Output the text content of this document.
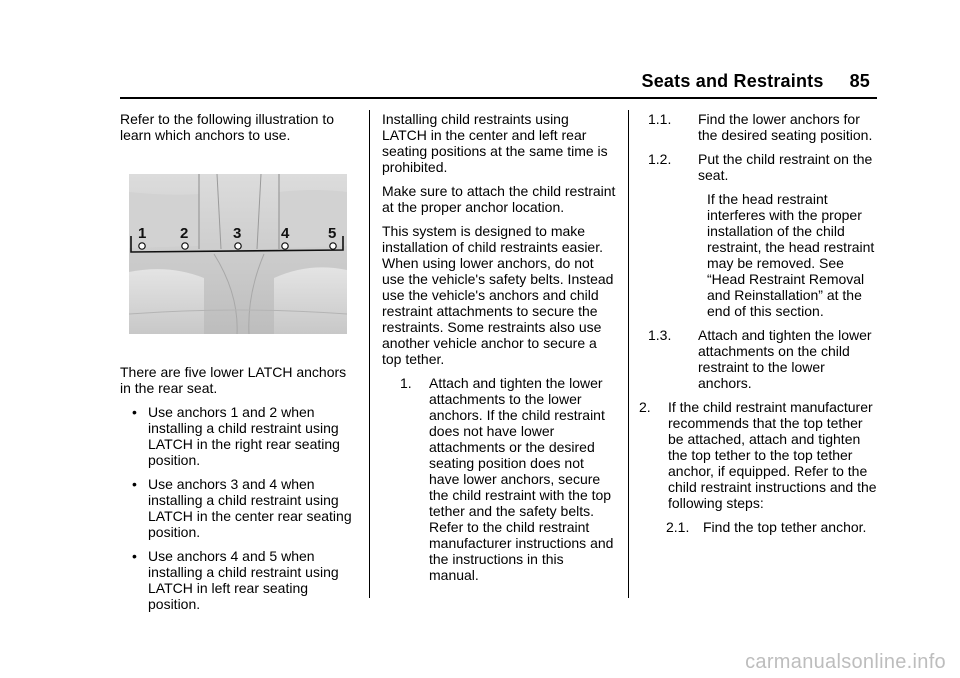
Seats and Restraints 85

Refer to the following illustration to learn which anchors to use.

1 2	3	4	5

There are five lower LATCH anchors in the rear seat.

• Use anchors 1 and 2 when installing a child restraint using LATCH in the right rear seating position.
• Use anchors 3 and 4 when installing a child restraint using LATCH in the center rear seating position.
• Use anchors 4 and 5 when installing a child restraint using LATCH in left rear seating position.

Installing child restraints using LATCH in the center and left rear seating positions at the same time is prohibited.

Make sure to attach the child restraint at the proper anchor location.

This system is designed to make installation of child restraints easier. When using lower anchors, do not use the vehicle's safety belts. Instead use the vehicle's anchors and child restraint attachments to secure the restraints. Some restraints also use another vehicle anchor to secure a top tether.

1. Attach and tighten the lower attachments to the lower anchors. If the child restraint does not have lower attachments or the desired seating position does not have lower anchors, secure the child restraint with the top tether and the safety belts. Refer to the child restraint manufacturer instructions and the instructions in this manual.
1.1. Find the lower anchors for the desired seating position.
1.2. Put the child restraint on the seat.

If the head restraint interferes with the proper installation of the child restraint, the head restraint may be removed. See “Head Restraint Removal and Reinstallation” at the end of this section.

1.3. Attach and tighten the lower attachments on the child restraint to the lower anchors.
2. If the child restraint manufacturer recommends that the top tether be attached, attach and tighten the top tether to the top tether anchor, if equipped. Refer to the child restraint instructions and the following steps:
2.1. Find the top tether anchor.
carmanualsonline.info
